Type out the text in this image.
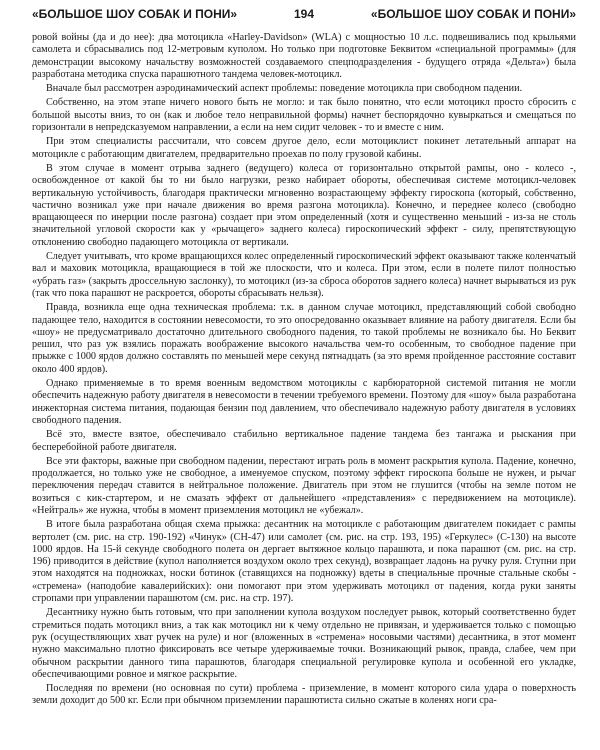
«БОЛЬШОЕ ШОУ СОБАК И ПОНИ»	194	«БОЛЬШОЕ ШОУ СОБАК И ПОНИ»

ровой войны (да и до нее): два мотоцикла «Harley-Davidson» (WLA) с мощностью 10 л.с. подвешивались под крыльями самолета и сбрасывались под 12-метровым куполом. Но только при подготовке Беквитом «специальной программы» (для демонстрации высокому начальству возможностей создаваемого спецподразделения - будущего отряда «Дельта») была разработана методика спуска парашютного тандема человек-мотоцикл.

Вначале был рассмотрен аэродинамический аспект проблемы: поведение мотоцикла при свободном падении.

Собственно, на этом этапе ничего нового быть не могло: и так было понятно, что если мотоцикл просто сбросить с большой высоты вниз, то он (как и любое тело неправильной формы) начнет беспорядочно кувыркаться и смещаться по горизонтали в непредсказуемом направлении, а если на нем сидит человек - то и вместе с ним.

При этом специалисты рассчитали, что совсем другое дело, если мотоциклист покинет летательный аппарат на мотоцикле с работающим двигателем, предварительно проехав по полу грузовой кабины.

В этом случае в момент отрыва заднего (ведущего) колеса от горизонтально открытой рампы, оно - колесо -, освобожденное от какой бы то ни было нагрузки, резко набирает обороты, обеспечивая системе мотоцикл-человек вертикальную устойчивость, благодаря практически мгновенно возрастающему эффекту гироскопа (который, собственно, частично возникал уже при начале движения во время разгона мотоцикла). Конечно, и переднее колесо (свободно вращающееся по инерции после разгона) создает при этом определенный (хотя и существенно меньший - из-за не столь значительной угловой скорости как у «рычащего» заднего колеса) гироскопический эффект - силу, препятствующую отклонению свободно падающего мотоцикла от вертикали.

Следует учитывать, что кроме вращающихся колес определенный гироскопический эффект оказывают также коленчатый вал и маховик мотоцикла, вращающиеся в той же плоскости, что и колеса. При этом, если в полете пилот полностью «убрать газ» (закрыть дроссельную заслонку), то мотоцикл (из-за сброса оборотов заднего колеса) начнет вырываться из рук (так что пока парашют не раскроется, обороты сбрасывать нельзя).

Правда, возникла еще одна техническая проблема: т.к. в данном случае мотоцикл, представляющий собой свободно падающее тело, находится в состоянии невесомости, то это опосредованно оказывает влияние на работу двигателя. Если бы «шоу» не предусматривало достаточно длительного свободного падения, то такой проблемы не возникало бы. Но Беквит решил, что раз уж взялись поражать воображение высокого начальства чем-то особенным, то свободное падение при прыжке с 1000 ярдов должно составлять по меньшей мере секунд пятнадцать (за это время пройденное расстояние составит около 400 ярдов).

Однако применяемые в то время военным ведомством мотоциклы с карбюраторной системой питания не могли обеспечить надежную работу двигателя в невесомости в течении требуемого времени. Поэтому для «шоу» была разработана инжекторная система питания, подающая бензин под давлением, что обеспечивало надежную работу двигателя в условиях свободного падения.

Всё это, вместе взятое, обеспечивало стабильно вертикальное падение тандема без тангажа и рыскания при бесперебойной работе двигателя.

Все эти факторы, важные при свободном падении, перестают играть роль в момент раскрытия купола. Падение, конечно, продолжается, но только уже не свободное, а именуемое спуском, поэтому эффект гироскопа больше не нужен, и рычаг переключения передач ставится в нейтральное положение. Двигатель при этом не глушится (чтобы на земле потом не возиться с кик-стартером, и не смазать эффект от дальнейшего «представления» с передвижением на мотоцикле). «Нейтраль» же нужна, чтобы в момент приземления мотоцикл не «убежал».

В итоге была разработана общая схема прыжка: десантник на мотоцикле с работающим двигателем покидает с рампы вертолет (см. рис. на стр. 190-192) «Чинук» (CH-47) или самолет (см. рис. на стр. 193, 195) «Геркулес» (C-130) на высоте 1000 ярдов. На 15-й секунде свободного полета он дергает вытяжное кольцо парашюта, и пока парашют (см. рис. на стр. 196) приводится в действие (купол наполняется воздухом около трех секунд), возвращает ладонь на ручку руля. Ступни при этом находятся на подножках, носки ботинок (ставящихся на подножку) вдеты в специальные прочные стальные скобы - «стремена» (наподобие кавалерийских): они помогают при этом удерживать мотоцикл от падения, когда руки заняты стропами при управлении парашютом (см. рис. на стр. 197).

Десантнику нужно быть готовым, что при заполнении купола воздухом последует рывок, который соответственно будет стремиться подать мотоцикл вниз, а так как мотоцикл ни к чему отдельно не привязан, и удерживается только с помощью рук (осуществляющих хват ручек на руле) и ног (вложенных в «стремена» носовыми частями) десантника, в этот момент нужно максимально плотно фиксировать все четыре удерживаемые точки. Возникающий рывок, правда, слабее, чем при обычном раскрытии данного типа парашютов, благодаря специальной регулировке купола и особенной его укладке, обеспечивающими ровное и мягкое раскрытие.

Последняя по времени (но основная по сути) проблема - приземление, в момент которого сила удара о поверхность земли доходит до 500 кг. Если при обычном приземлении парашютиста сильно сжатые в коленях ноги сра-
